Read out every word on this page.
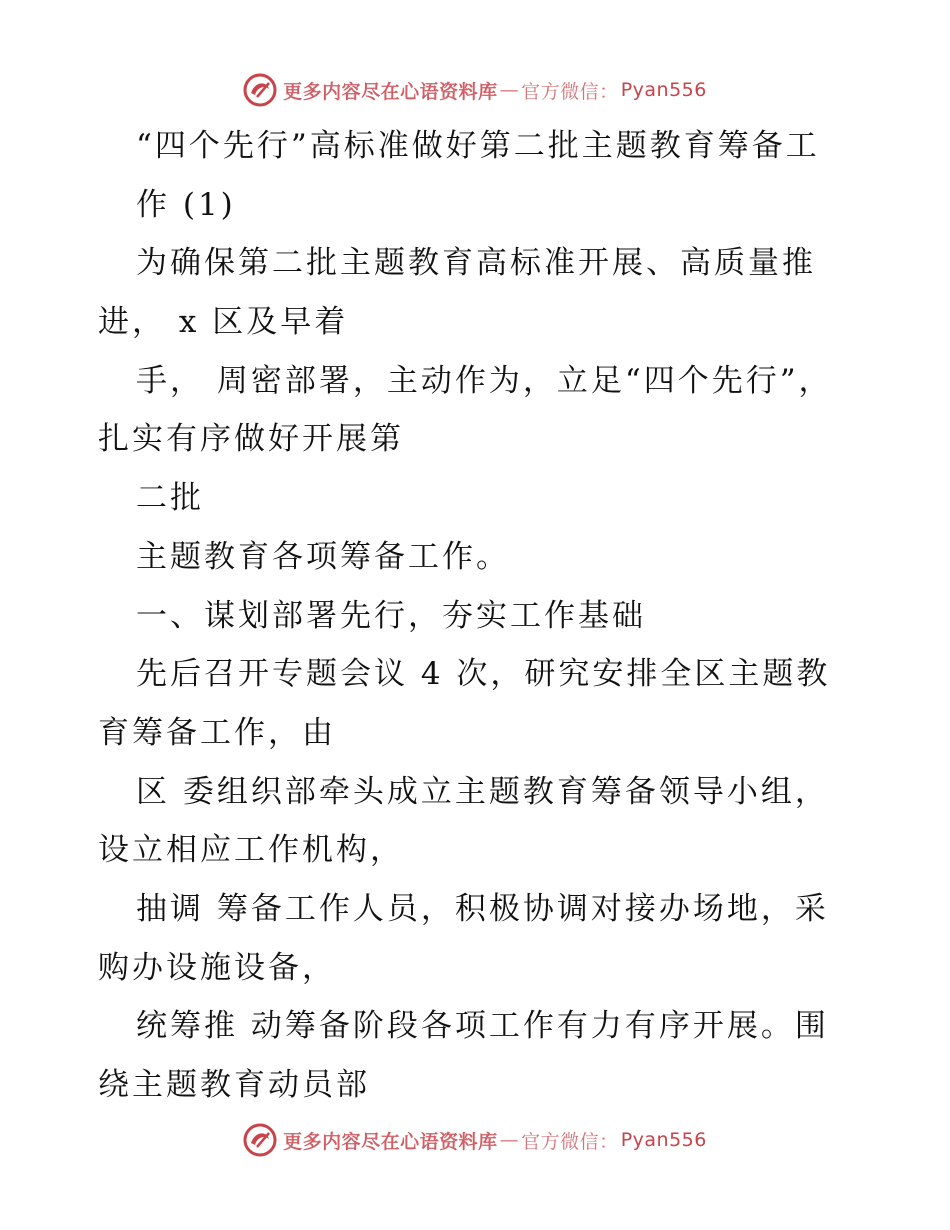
更多内容尽在心语资料库 — 官方微信： Pyan556
“四个先行”高标准做好第二批主题教育筹备工
作 (1)
为确保第二批主题教育高标准开展、高质量推
进， x 区及早着
手， 周密部署，主动作为，立足“四个先行”，
扎实有序做好开展第
二批
主题教育各项筹备工作。
一、谋划部署先行，夯实工作基础
先后召开专题会议 4 次，研究安排全区主题教
育筹备工作，由
区 委组织部牵头成立主题教育筹备领导小组，
设立相应工作机构，
抽调 筹备工作人员，积极协调对接办场地，采
购办设施设备，
统筹推 动筹备阶段各项工作有力有序开展。围
绕主题教育动员部
更多内容尽在心语资料库 — 官方微信： Pyan556
